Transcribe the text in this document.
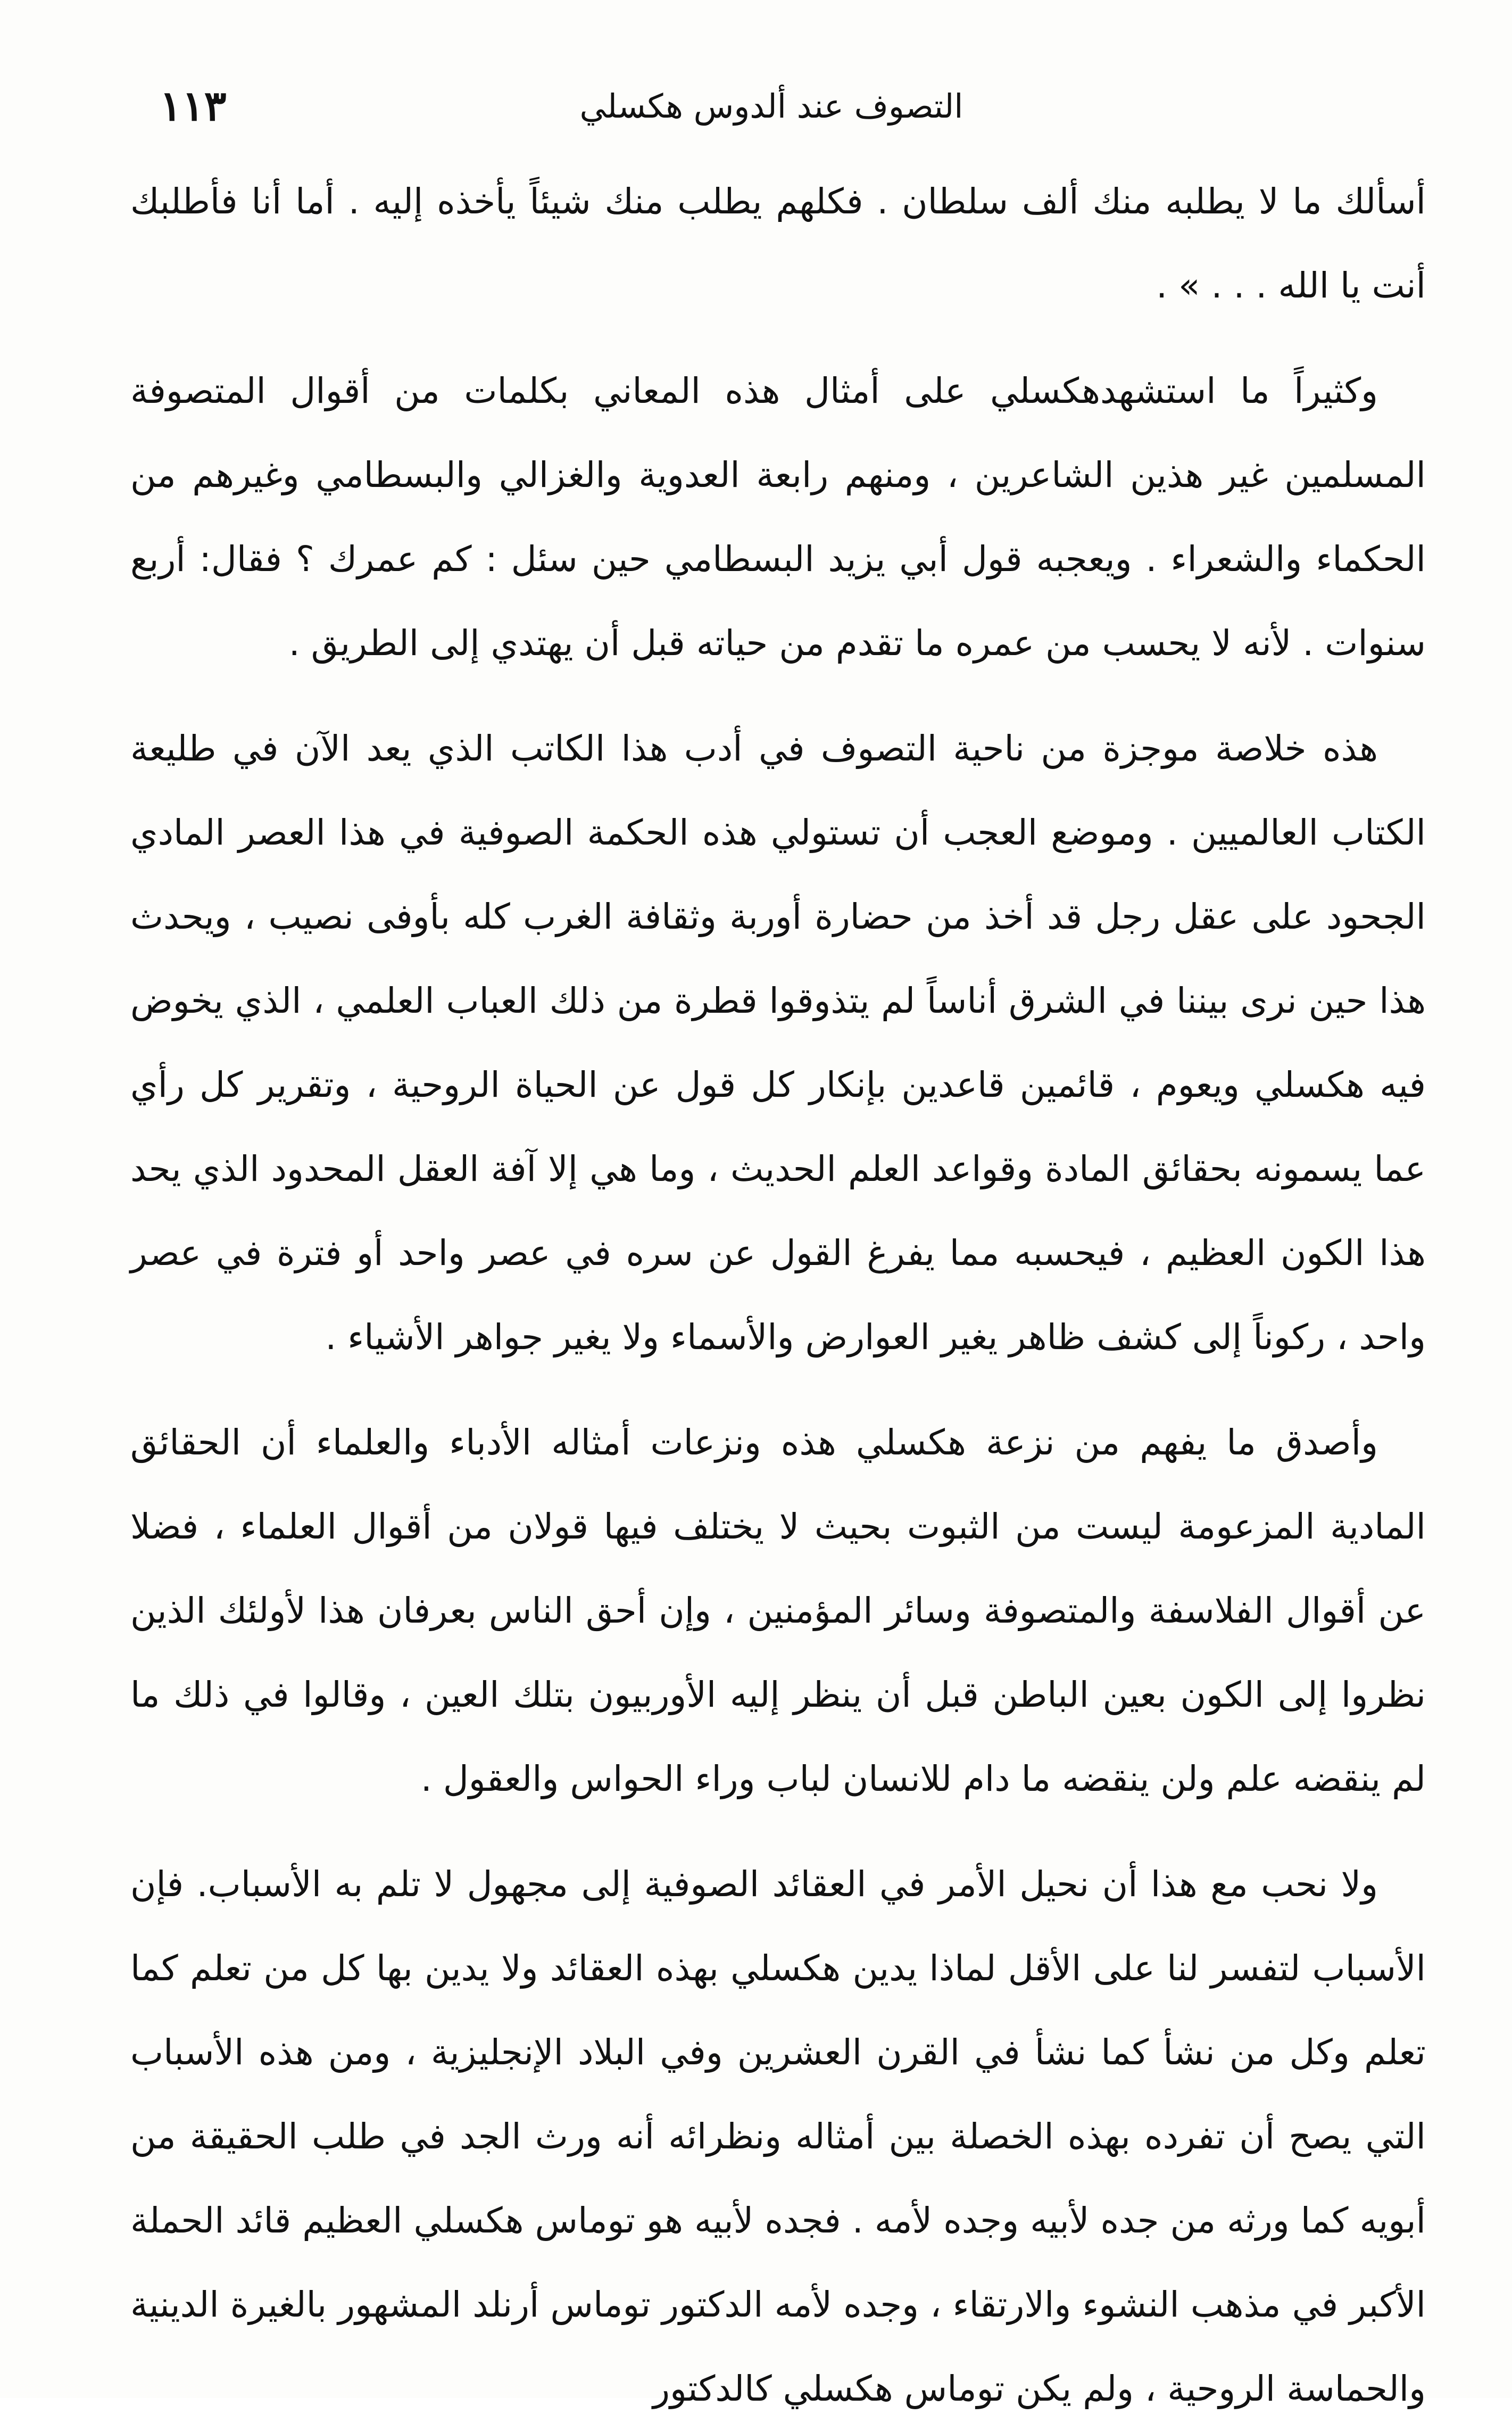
التصوف عند ألدوس هكسلي
١١٣

أسألك ما لا يطلبه منك ألف سلطان . فكلهم يطلب منك شيئاً يأخذه إليه . أما أنا فأطلبك أنت يا الله . . . » .

وكثيراً ما استشهدهكسلي على أمثال هذه المعاني بكلمات من أقوال المتصوفة المسلمين غير هذين الشاعرين ، ومنهم رابعة العدوية والغزالي والبسطامي وغيرهم من الحكماء والشعراء . ويعجبه قول أبي يزيد البسطامي حين سئل : كم عمرك ؟ فقال: أربع سنوات . لأنه لا يحسب من عمره ما تقدم من حياته قبل أن يهتدي إلى الطريق .

هذه خلاصة موجزة من ناحية التصوف في أدب هذا الكاتب الذي يعد الآن في طليعة الكتاب العالميين . وموضع العجب أن تستولي هذه الحكمة الصوفية في هذا العصر المادي الجحود على عقل رجل قد أخذ من حضارة أوربة وثقافة الغرب كله بأوفى نصيب ، ويحدث هذا حين نرى بيننا في الشرق أناساً لم يتذوقوا قطرة من ذلك العباب العلمي ، الذي يخوض فيه هكسلي ويعوم ، قائمين قاعدين بإنكار كل قول عن الحياة الروحية ، وتقرير كل رأي عما يسمونه بحقائق المادة وقواعد العلم الحديث ، وما هي إلا آفة العقل المحدود الذي يحد هذا الكون العظيم ، فيحسبه مما يفرغ القول عن سره في عصر واحد أو فترة في عصر واحد ، ركوناً إلى كشف ظاهر يغير العوارض والأسماء ولا يغير جواهر الأشياء .

وأصدق ما يفهم من نزعة هكسلي هذه ونزعات أمثاله الأدباء والعلماء أن الحقائق المادية المزعومة ليست من الثبوت بحيث لا يختلف فيها قولان من أقوال العلماء ، فضلا عن أقوال الفلاسفة والمتصوفة وسائر المؤمنين ، وإن أحق الناس بعرفان هذا لأولئك الذين نظروا إلى الكون بعين الباطن قبل أن ينظر إليه الأوربيون بتلك العين ، وقالوا في ذلك ما لم ينقضه علم ولن ينقضه ما دام للانسان لباب وراء الحواس والعقول .

ولا نحب مع هذا أن نحيل الأمر في العقائد الصوفية إلى مجهول لا تلم به الأسباب. فإن الأسباب لتفسر لنا على الأقل لماذا يدين هكسلي بهذه العقائد ولا يدين بها كل من تعلم كما تعلم وكل من نشأ كما نشأ في القرن العشرين وفي البلاد الإنجليزية ، ومن هذه الأسباب التي يصح أن تفرده بهذه الخصلة بين أمثاله ونظرائه أنه ورث الجد في طلب الحقيقة من أبويه كما ورثه من جده لأبيه وجده لأمه . فجده لأبيه هو توماس هكسلي العظيم قائد الحملة الأكبر في مذهب النشوء والارتقاء ، وجده لأمه الدكتور توماس أرنلد المشهور بالغيرة الدينية والحماسة الروحية ، ولم يكن توماس هكسلي كالدكتور
